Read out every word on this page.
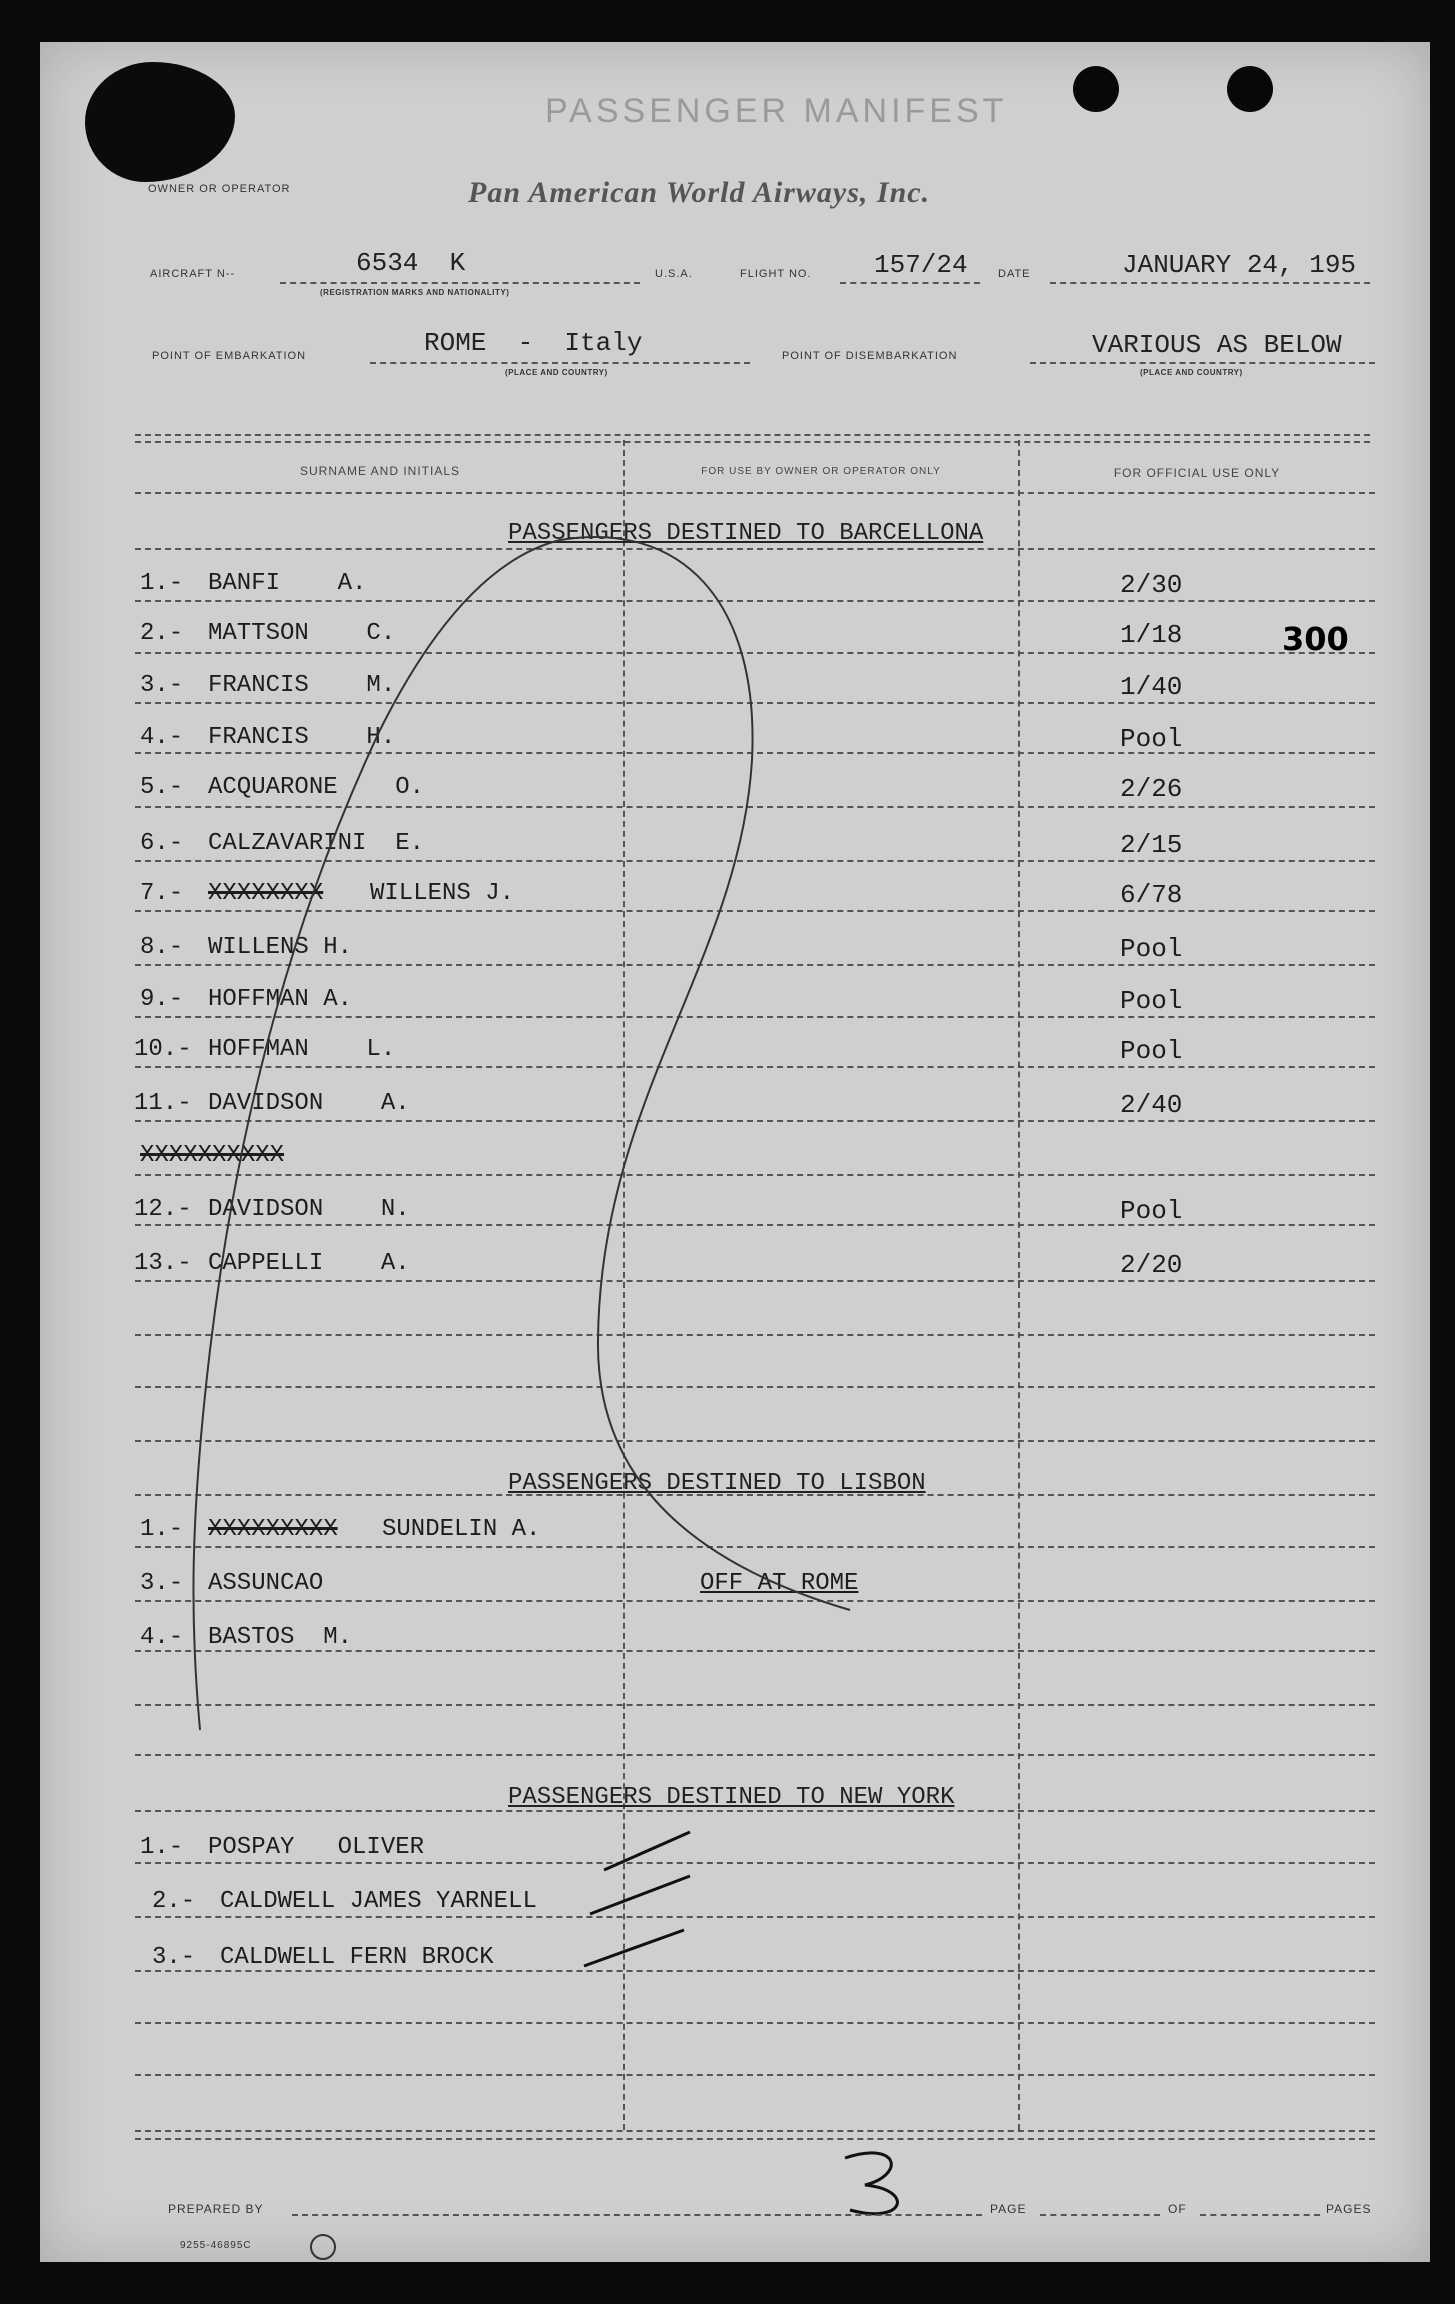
PASSENGER MANIFEST
OWNER OR OPERATOR	Pan American World Airways, Inc.
AIRCRAFT N--	6534  K
(REGISTRATION MARKS AND NATIONALITY)
U.S.A.	FLIGHT NO. 157/24	DATE	JANUARY 24, 195
POINT OF EMBARKATION	ROME  -  Italy
(PLACE AND COUNTRY)
POINT OF DISEMBARKATION	VARIOUS AS BELOW
(PLACE AND COUNTRY)
SURNAME AND INITIALS	FOR USE BY OWNER OR OPERATOR ONLY	FOR OFFICIAL USE ONLY
PASSENGERS DESTINED TO BARCELLONA
PASSENGERS DESTINED TO LISBON
PASSENGERS DESTINED TO NEW YORK
1.- BANFI    A.	2/30
2.- MATTSON    C.	1/18	300
3.- FRANCIS    M.	1/40
4.- FRANCIS    H.	Pool
5.- ACQUARONE    O.	2/26
6.- CALZAVARINI  E.	2/15
7.- XXXXXXXX WILLENS J.	6/78
8.- WILLENS H.	Pool
9.- HOFFMAN A.	Pool
10.- HOFFMAN    L.	Pool
11.- DAVIDSON    A.	2/40
XXXXXXXXXX
12.- DAVIDSON    N.	Pool
13.- CAPPELLI    A.	2/20
1.- XXXXXXXXX SUNDELIN A.
3.- ASSUNCAO	OFF AT ROME
4.- BASTOS  M.
1.- POSPAY   OLIVER
2.- CALDWELL JAMES YARNELL
3.- CALDWELL FERN BROCK
PREPARED BY	PAGE	OF	PAGES
9255-46895C
